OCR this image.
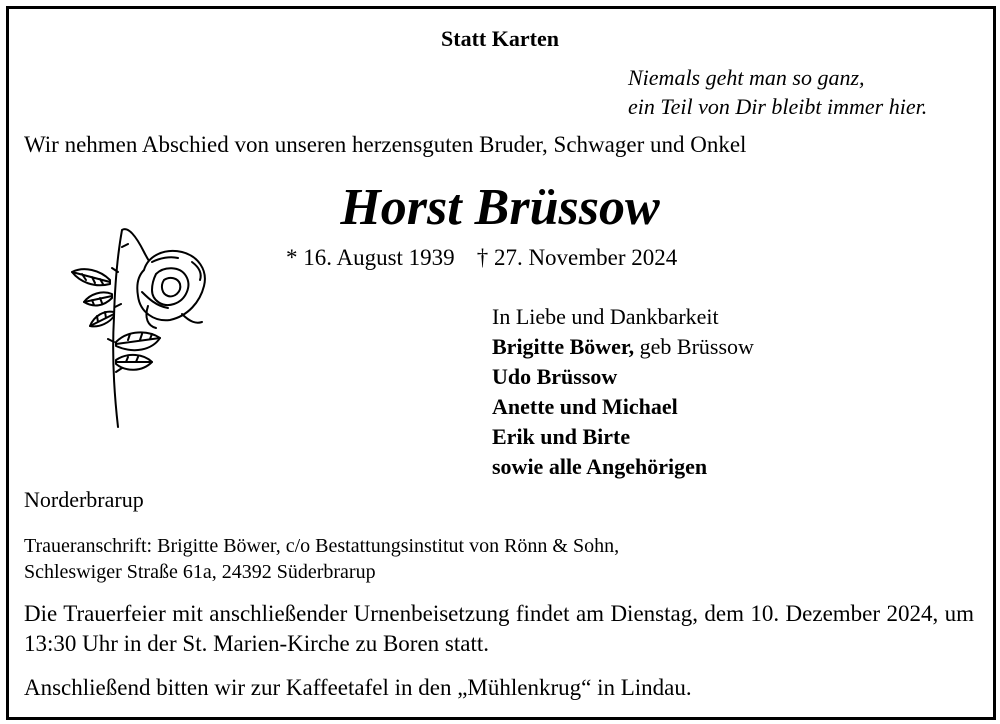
Statt Karten
Niemals geht man so ganz,
ein Teil von Dir bleibt immer hier.
Wir nehmen Abschied von unseren herzensguten Bruder, Schwager und Onkel
Horst Brüssow
* 16. August 1939 † 27. November 2024
In Liebe und Dankbarkeit
Brigitte Böwer, geb Brüssow
Udo Brüssow
Anette und Michael
Erik und Birte
sowie alle Angehörigen
Norderbrarup
Traueranschrift: Brigitte Böwer, c/o Bestattungsinstitut von Rönn & Sohn,
Schleswiger Straße 61a, 24392 Süderbrarup
Die Trauerfeier mit anschließender Urnenbeisetzung findet am Dienstag, dem 10. Dezember 2024, um 13:30 Uhr in der St. Marien-Kirche zu Boren statt.
Anschließend bitten wir zur Kaffeetafel in den „Mühlenkrug“ in Lindau.
